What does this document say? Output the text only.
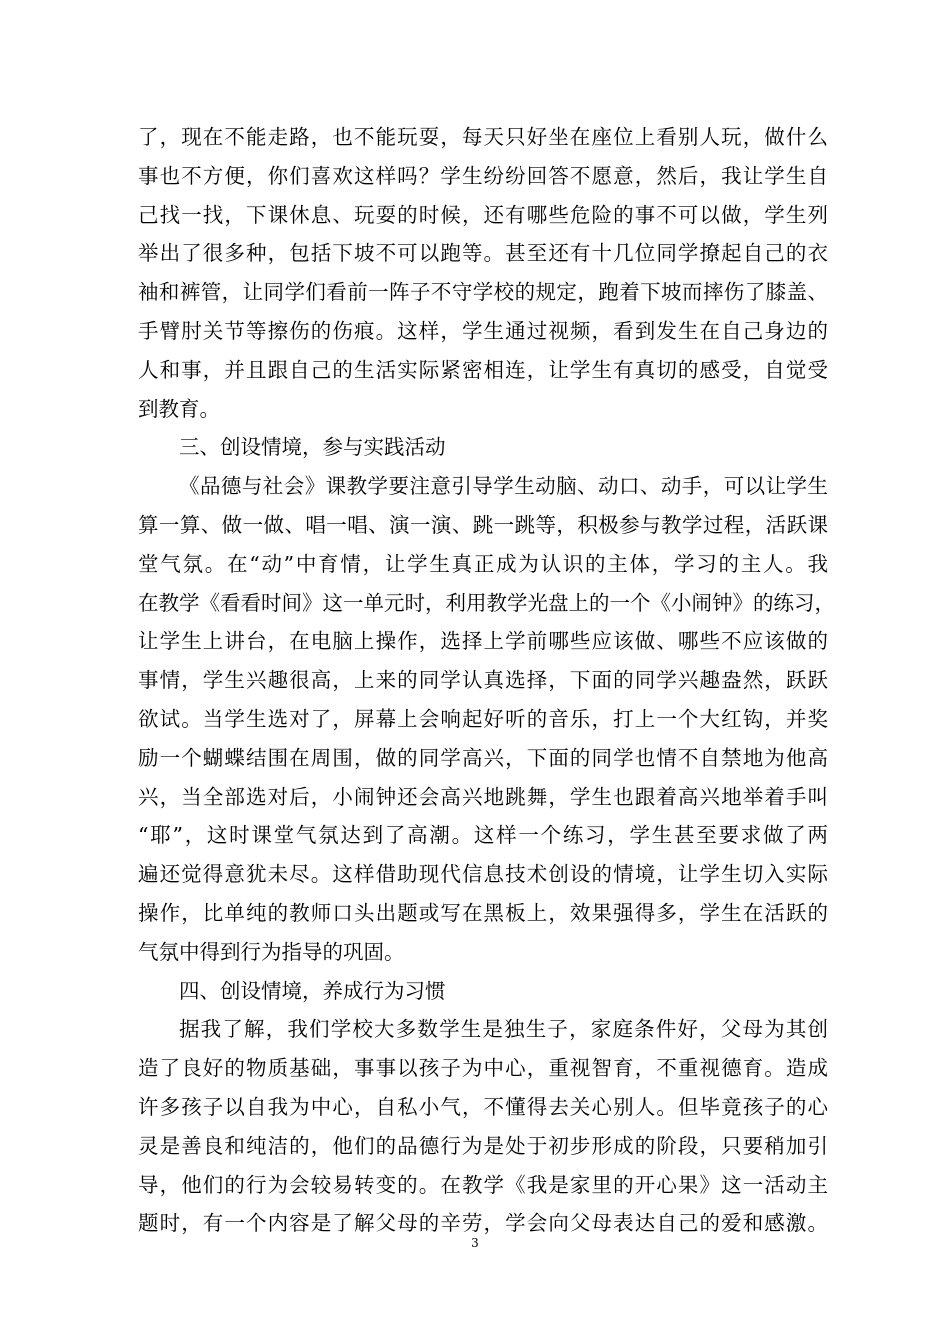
了，现在不能走路，也不能玩耍，每天只好坐在座位上看别人玩，做什么
事也不方便，你们喜欢这样吗？学生纷纷回答不愿意，然后，我让学生自
己找一找，下课休息、玩耍的时候，还有哪些危险的事不可以做，学生列
举出了很多种，包括下坡不可以跑等。甚至还有十几位同学撩起自己的衣
袖和裤管，让同学们看前一阵子不守学校的规定，跑着下坡而摔伤了膝盖、
手臂肘关节等擦伤的伤痕。这样，学生通过视频，看到发生在自己身边的
人和事，并且跟自己的生活实际紧密相连，让学生有真切的感受，自觉受
到教育。
三、创设情境，参与实践活动
《品德与社会》课教学要注意引导学生动脑、动口、动手，可以让学生
算一算、做一做、唱一唱、演一演、跳一跳等，积极参与教学过程，活跃课
堂气氛。在“动”中育情，让学生真正成为认识的主体，学习的主人。我
在教学《看看时间》这一单元时，利用教学光盘上的一个《小闹钟》的练习，
让学生上讲台，在电脑上操作，选择上学前哪些应该做、哪些不应该做的
事情，学生兴趣很高，上来的同学认真选择，下面的同学兴趣盎然，跃跃
欲试。当学生选对了，屏幕上会响起好听的音乐，打上一个大红钩，并奖
励一个蝴蝶结围在周围，做的同学高兴，下面的同学也情不自禁地为他高
兴，当全部选对后，小闹钟还会高兴地跳舞，学生也跟着高兴地举着手叫
“耶”，这时课堂气氛达到了高潮。这样一个练习，学生甚至要求做了两
遍还觉得意犹未尽。这样借助现代信息技术创设的情境，让学生切入实际
操作，比单纯的教师口头出题或写在黑板上，效果强得多，学生在活跃的
气氛中得到行为指导的巩固。
四、创设情境，养成行为习惯
据我了解，我们学校大多数学生是独生子，家庭条件好，父母为其创
造了良好的物质基础，事事以孩子为中心，重视智育，不重视德育。造成
许多孩子以自我为中心，自私小气，不懂得去关心别人。但毕竟孩子的心
灵是善良和纯洁的，他们的品德行为是处于初步形成的阶段，只要稍加引
导，他们的行为会较易转变的。在教学《我是家里的开心果》这一活动主
题时，有一个内容是了解父母的辛劳，学会向父母表达自己的爱和感激。
3
